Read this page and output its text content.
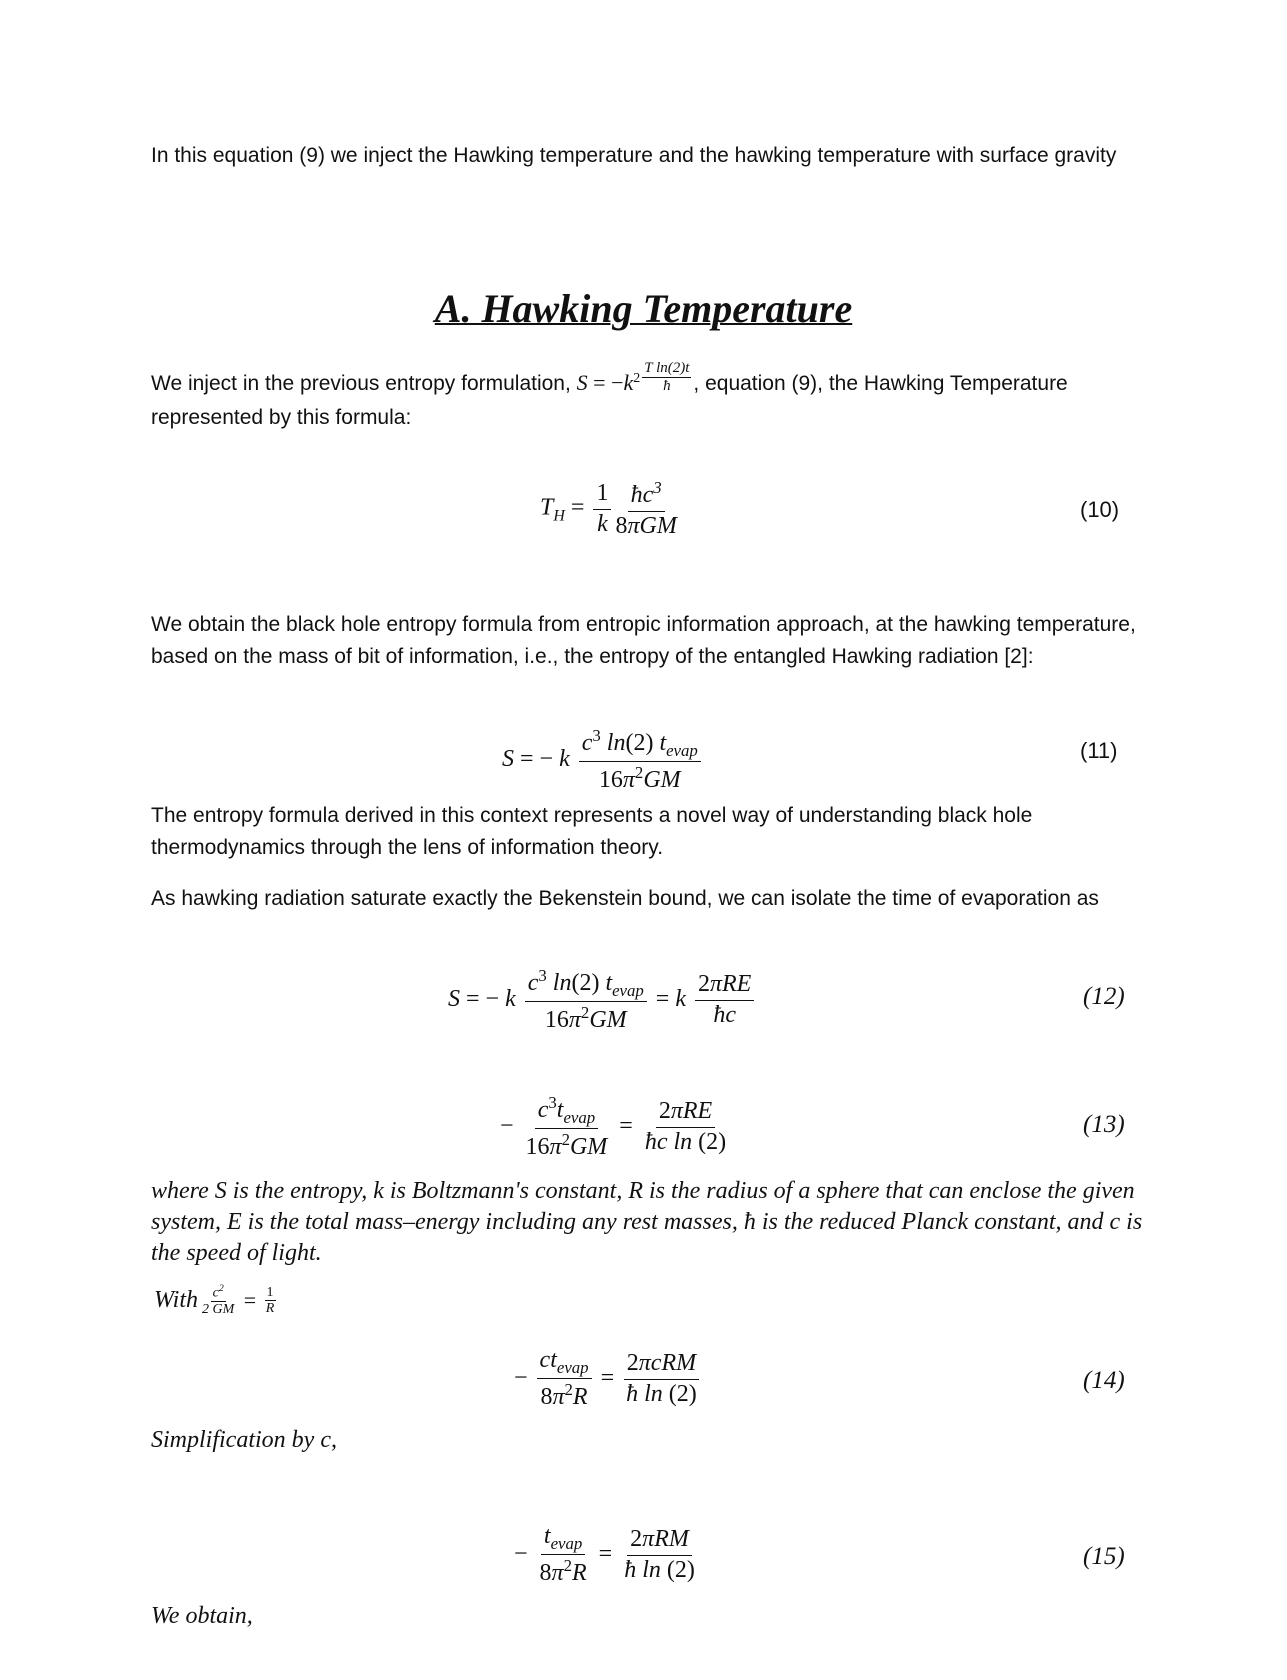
In this equation (9) we inject the Hawking temperature and the hawking temperature with surface gravity
A. Hawking Temperature
We inject in the previous entropy formulation, $S = -k^2 \frac{\text{T ln(2)t}}{ħ}$ , equation (9), the Hawking Temperature represented by this formula:
$T_H = \frac{1}{k} \frac{ħc^3}{\text{8πGM}}$	(10)
We obtain the black hole entropy formula from entropic information approach, at the hawking temperature, based on the mass of bit of information, i.e., the entropy of the entangled Hawking radiation [2]:
S = − k $\frac{c^3 \ln(2) t_{evap}}{16\pi^2GM}$	(11)
The entropy formula derived in this context represents a novel way of understanding black hole thermodynamics through the lens of information theory.
As hawking radiation saturate exactly the Bekenstein bound, we can isolate the time of evaporation as
S = − k $\frac{c^3 \ln(2) t_{evap}}{16\pi^2GM} = k \frac{\text{2πRE}}{ħc}$	(12)
− $\frac{c^3t_{evap}}{16\pi^2GM} = \frac{\text{2πRE}}{\text{ħc ln (2)}}$	(13)
where S is the entropy, k is Boltzmann's constant, R is the radius of a sphere that can enclose the given system, E is the total mass–energy including any rest masses, ħ is the reduced Planck constant, and c is the speed of light.
With $\frac{c^2}{2 GM} = \frac{1}{R}$
− $\frac{ct_{evap}}{8\pi^2R} = \frac{\text{2πcRM}}{\text{ħ ln (2)}}$	(14)
Simplification by c,
− $\frac{t_{evap}}{8\pi^2R} = \frac{\text{2πRM}}{\text{ħ ln (2)}}$	(15)
We obtain,
